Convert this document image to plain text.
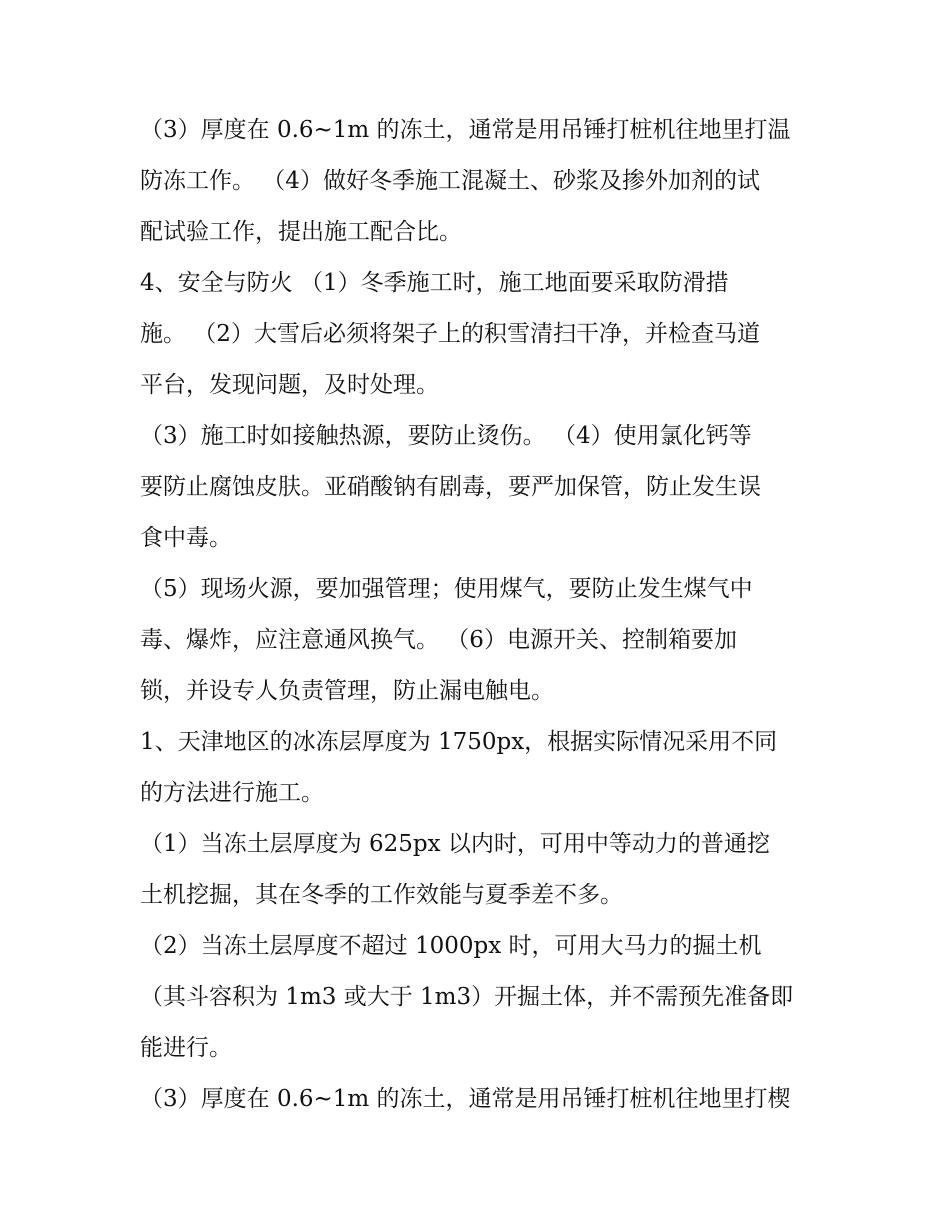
（3）厚度在 0.6~1m 的冻土，通常是用吊锤打桩机往地里打温
防冻工作。 （4）做好冬季施工混凝土、砂浆及掺外加剂的试
配试验工作，提出施工配合比。
4、安全与防火 （1）冬季施工时，施工地面要采取防滑措
施。 （2）大雪后必须将架子上的积雪清扫干净，并检查马道
平台，发现问题，及时处理。
（3）施工时如接触热源，要防止烫伤。 （4）使用氯化钙等
要防止腐蚀皮肤。亚硝酸钠有剧毒，要严加保管，防止发生误
食中毒。
（5）现场火源，要加强管理；使用煤气，要防止发生煤气中
毒、爆炸，应注意通风换气。 （6）电源开关、控制箱要加
锁，并设专人负责管理，防止漏电触电。
1、天津地区的冰冻层厚度为 1750px，根据实际情况采用不同
的方法进行施工。
（1）当冻土层厚度为 625px 以内时，可用中等动力的普通挖
土机挖掘，其在冬季的工作效能与夏季差不多。
（2）当冻土层厚度不超过 1000px 时，可用大马力的掘土机
（其斗容积为 1m3 或大于 1m3）开掘土体，并不需预先准备即
能进行。
（3）厚度在 0.6~1m 的冻土，通常是用吊锤打桩机往地里打楔
